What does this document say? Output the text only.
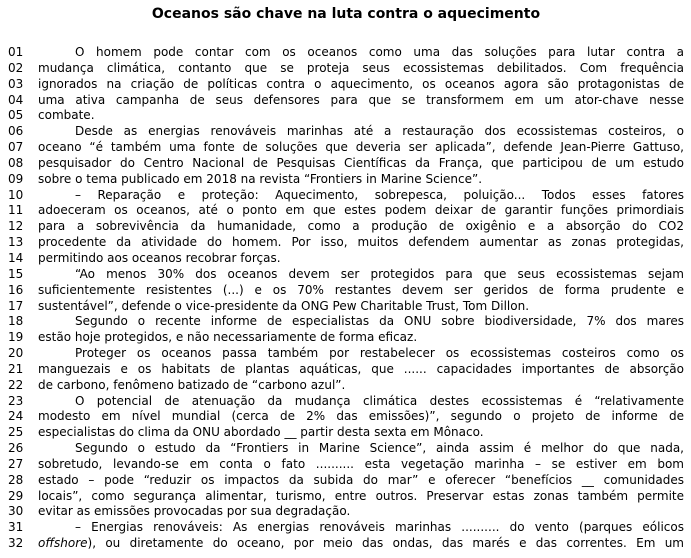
Oceanos são chave na luta contra o aquecimento
01	O homem pode contar com os oceanos como uma das soluções para lutar contra a
02	mudança climática, contanto que se proteja seus ecossistemas debilitados. Com frequência
03	ignorados na criação de políticas contra o aquecimento, os oceanos agora são protagonistas de
04	uma ativa campanha de seus defensores para que se transformem em um ator-chave nesse
05	combate.
06	Desde as energias renováveis marinhas até a restauração dos ecossistemas costeiros, o
07	oceano “é também uma fonte de soluções que deveria ser aplicada”, defende Jean-Pierre Gattuso,
08	pesquisador do Centro Nacional de Pesquisas Científicas da França, que participou de um estudo
09	sobre o tema publicado em 2018 na revista “Frontiers in Marine Science”.
10	– Reparação e proteção: Aquecimento, sobrepesca, poluição... Todos esses fatores
11	adoeceram os oceanos, até o ponto em que estes podem deixar de garantir funções primordiais
12	para a sobrevivência da humanidade, como a produção de oxigênio e a absorção do CO2
13	procedente da atividade do homem. Por isso, muitos defendem aumentar as zonas protegidas,
14	permitindo aos oceanos recobrar forças.
15	“Ao menos 30% dos oceanos devem ser protegidos para que seus ecossistemas sejam
16	suficientemente resistentes (...) e os 70% restantes devem ser geridos de forma prudente e
17	sustentável”, defende o vice-presidente da ONG Pew Charitable Trust, Tom Dillon.
18	Segundo o recente informe de especialistas da ONU sobre biodiversidade, 7% dos mares
19	estão hoje protegidos, e não necessariamente de forma eficaz.
20	Proteger os oceanos passa também por restabelecer os ecossistemas costeiros como os
21	manguezais e os habitats de plantas aquáticas, que ...... capacidades importantes de absorção
22	de carbono, fenômeno batizado de “carbono azul”.
23	O potencial de atenuação da mudança climática destes ecossistemas é “relativamente
24	modesto em nível mundial (cerca de 2% das emissões)”, segundo o projeto de informe de
25	especialistas do clima da ONU abordado __ partir desta sexta em Mônaco.
26	Segundo o estudo da “Frontiers in Marine Science”, ainda assim é melhor do que nada,
27	sobretudo, levando-se em conta o fato .......... esta vegetação marinha – se estiver em bom
28	estado – pode “reduzir os impactos da subida do mar” e oferecer “benefícios __ comunidades
29	locais”, como segurança alimentar, turismo, entre outros. Preservar estas zonas também permite
30	evitar as emissões provocadas por sua degradação.
31	– Energias renováveis: As energias renováveis marinhas .......... do vento (parques eólicos
32	offshore), ou diretamente do oceano, por meio das ondas, das marés e das correntes. Em um
